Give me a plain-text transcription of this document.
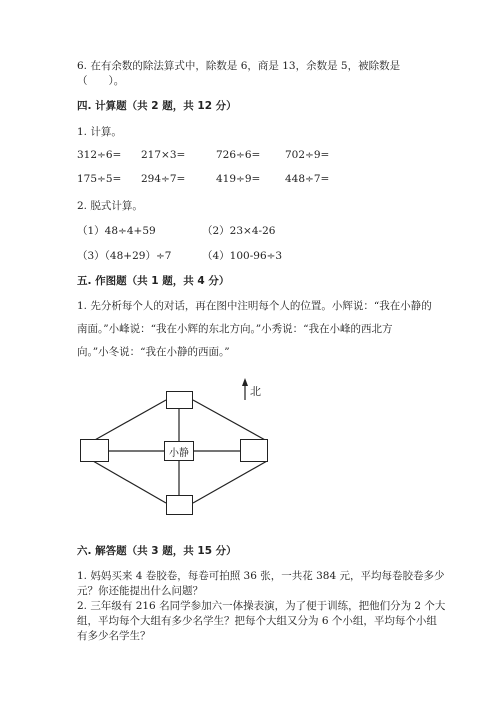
6. 在有余数的除法算式中，除数是 6，商是 13，余数是 5，被除数是
（　　）。
四. 计算题（共 2 题，共 12 分）
1. 计算。
312÷6= 217×3=	726÷6= 702÷9=
175÷5= 294÷7=	419÷9= 448÷7=
2. 脱式计算。
（1）48÷4+59	（2）23×4-26
（3）（48+29）÷7	（4）100-96÷3
五. 作图题（共 1 题，共 4 分）
1. 先分析每个人的对话，再在图中注明每个人的位置。小辉说：“我在小静的
南面。”小峰说：“我在小辉的东北方向。”小秀说：“我在小峰的西北方
向。”小冬说：“我在小静的西面。”
北
小静
六. 解答题（共 3 题，共 15 分）
1. 妈妈买来 4 卷胶卷，每卷可拍照 36 张，一共花 384 元，平均每卷胶卷多少
元？你还能提出什么问题？
2. 三年级有 216 名同学参加六一体操表演，为了便于训练，把他们分为 2 个大
组，平均每个大组有多少名学生？把每个大组又分为 6 个小组，平均每个小组
有多少名学生？
